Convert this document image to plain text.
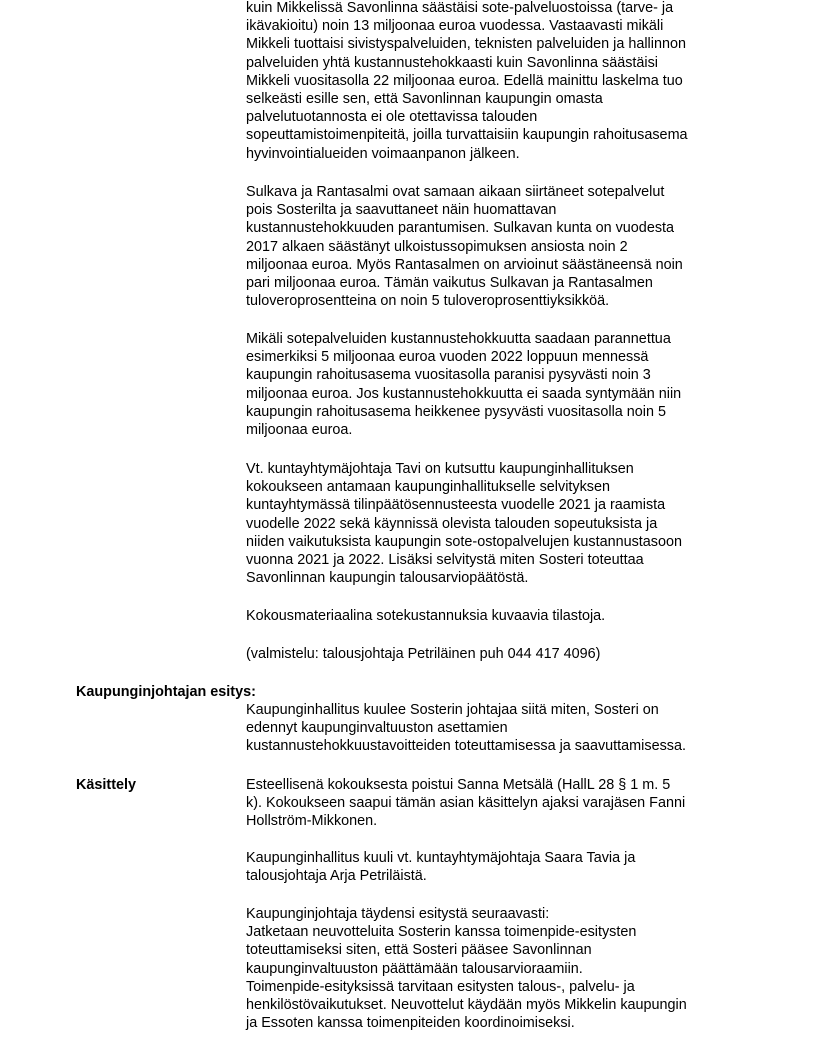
kuin Mikkelissä Savonlinna säästäisi sote-palveluostoissa (tarve- ja
ikävakioitu) noin 13 miljoonaa euroa vuodessa. Vastaavasti mikäli
Mikkeli tuottaisi sivistyspalveluiden, teknisten palveluiden ja hallinnon
palveluiden yhtä kustannustehokkaasti kuin Savonlinna säästäisi
Mikkeli vuositasolla 22 miljoonaa euroa. Edellä mainittu laskelma tuo
selkeästi esille sen, että Savonlinnan kaupungin omasta
palvelutuotannosta ei ole otettavissa talouden
sopeuttamistoimenpiteitä, joilla turvattaisiin kaupungin rahoitusasema
hyvinvointialueiden voimaanpanon jälkeen.

Sulkava ja Rantasalmi ovat samaan aikaan siirtäneet sotepalvelut
pois Sosterilta ja saavuttaneet näin huomattavan
kustannustehokkuuden parantumisen. Sulkavan kunta on vuodesta
2017 alkaen säästänyt ulkoistussopimuksen ansiosta noin 2
miljoonaa euroa. Myös Rantasalmen on arvioinut säästäneensä noin
pari miljoonaa euroa. Tämän vaikutus Sulkavan ja Rantasalmen
tuloveroprosentteina on noin 5 tuloveroprosenttiyksikköä.

Mikäli sotepalveluiden kustannustehokkuutta saadaan parannettua
esimerkiksi 5 miljoonaa euroa vuoden 2022 loppuun mennessä
kaupungin rahoitusasema vuositasolla paranisi pysyvästi noin 3
miljoonaa euroa. Jos kustannustehokkuutta ei saada syntymään niin
kaupungin rahoitusasema heikkenee pysyvästi vuositasolla noin 5
miljoonaa euroa.

Vt. kuntayhtymäjohtaja Tavi on kutsuttu kaupunginhallituksen
kokoukseen antamaan kaupunginhallitukselle selvityksen
kuntayhtymässä tilinpäätösennusteesta vuodelle 2021 ja raamista
vuodelle 2022 sekä käynnissä olevista talouden sopeutuksista ja
niiden vaikutuksista kaupungin sote-ostopalvelujen kustannustasoon
vuonna 2021 ja 2022. Lisäksi selvitystä miten Sosteri toteuttaa
Savonlinnan kaupungin talousarviopäätöstä.

Kokousmateriaalina sotekustannuksia kuvaavia tilastoja.

(valmistelu: talousjohtaja Petriläinen puh 044 417 4096)

Kaupunginjohtajan esitys:

Kaupunginhallitus kuulee Sosterin johtajaa siitä miten, Sosteri on
edennyt kaupunginvaltuuston asettamien
kustannustehokkuustavoitteiden toteuttamisessa ja saavuttamisessa.

Käsittely	Esteellisenä kokouksesta poistui Sanna Metsälä (HallL 28 § 1 m. 5
k). Kokoukseen saapui tämän asian käsittelyn ajaksi varajäsen Fanni
Hollström-Mikkonen.

Kaupunginhallitus kuuli vt. kuntayhtymäjohtaja Saara Tavia ja
talousjohtaja Arja Petriläistä.

Kaupunginjohtaja täydensi esitystä seuraavasti:
Jatketaan neuvotteluita Sosterin kanssa toimenpide-esitysten
toteuttamiseksi siten, että Sosteri pääsee Savonlinnan
kaupunginvaltuuston päättämään talousarvioraamiin.
Toimenpide-esityksissä tarvitaan esitysten talous-, palvelu- ja
henkilöstövaikutukset. Neuvottelut käydään myös Mikkelin kaupungin
ja Essoten kanssa toimenpiteiden koordinoimiseksi.
